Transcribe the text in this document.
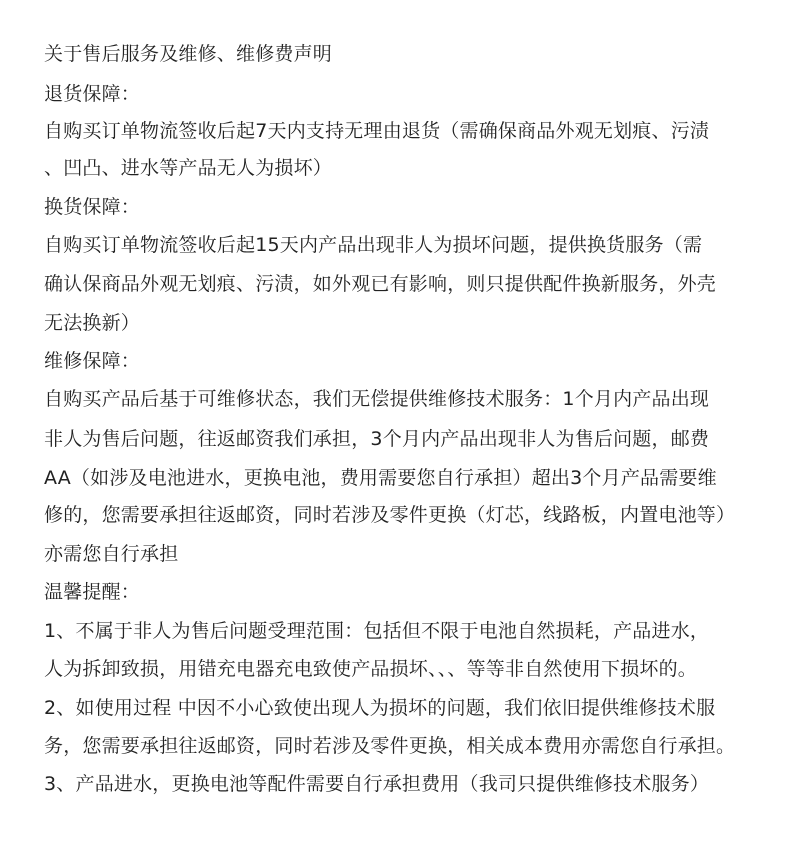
关于售后服务及维修、维修费声明
退货保障：
自购买订单物流签收后起7天内支持无理由退货（需确保商品外观无划痕、污渍
、凹凸、进水等产品无人为损坏）
换货保障：
自购买订单物流签收后起15天内产品出现非人为损坏问题，提供换货服务（需
确认保商品外观无划痕、污渍，如外观已有影响，则只提供配件换新服务，外壳
无法换新）
维修保障：
自购买产品后基于可维修状态，我们无偿提供维修技术服务：1个月内产品出现
非人为售后问题，往返邮资我们承担，3个月内产品出现非人为售后问题，邮费
AA（如涉及电池进水，更换电池，费用需要您自行承担）超出3个月产品需要维
修的，您需要承担往返邮资，同时若涉及零件更换（灯芯，线路板，内置电池等）
亦需您自行承担
温馨提醒：
1、不属于非人为售后问题受理范围：包括但不限于电池自然损耗，产品进水，
人为拆卸致损，用错充电器充电致使产品损坏、、、等等非自然使用下损坏的。
2、如使用过程 中因不小心致使出现人为损坏的问题，我们依旧提供维修技术服
务，您需要承担往返邮资，同时若涉及零件更换，相关成本费用亦需您自行承担。
3、产品进水，更换电池等配件需要自行承担费用（我司只提供维修技术服务）
